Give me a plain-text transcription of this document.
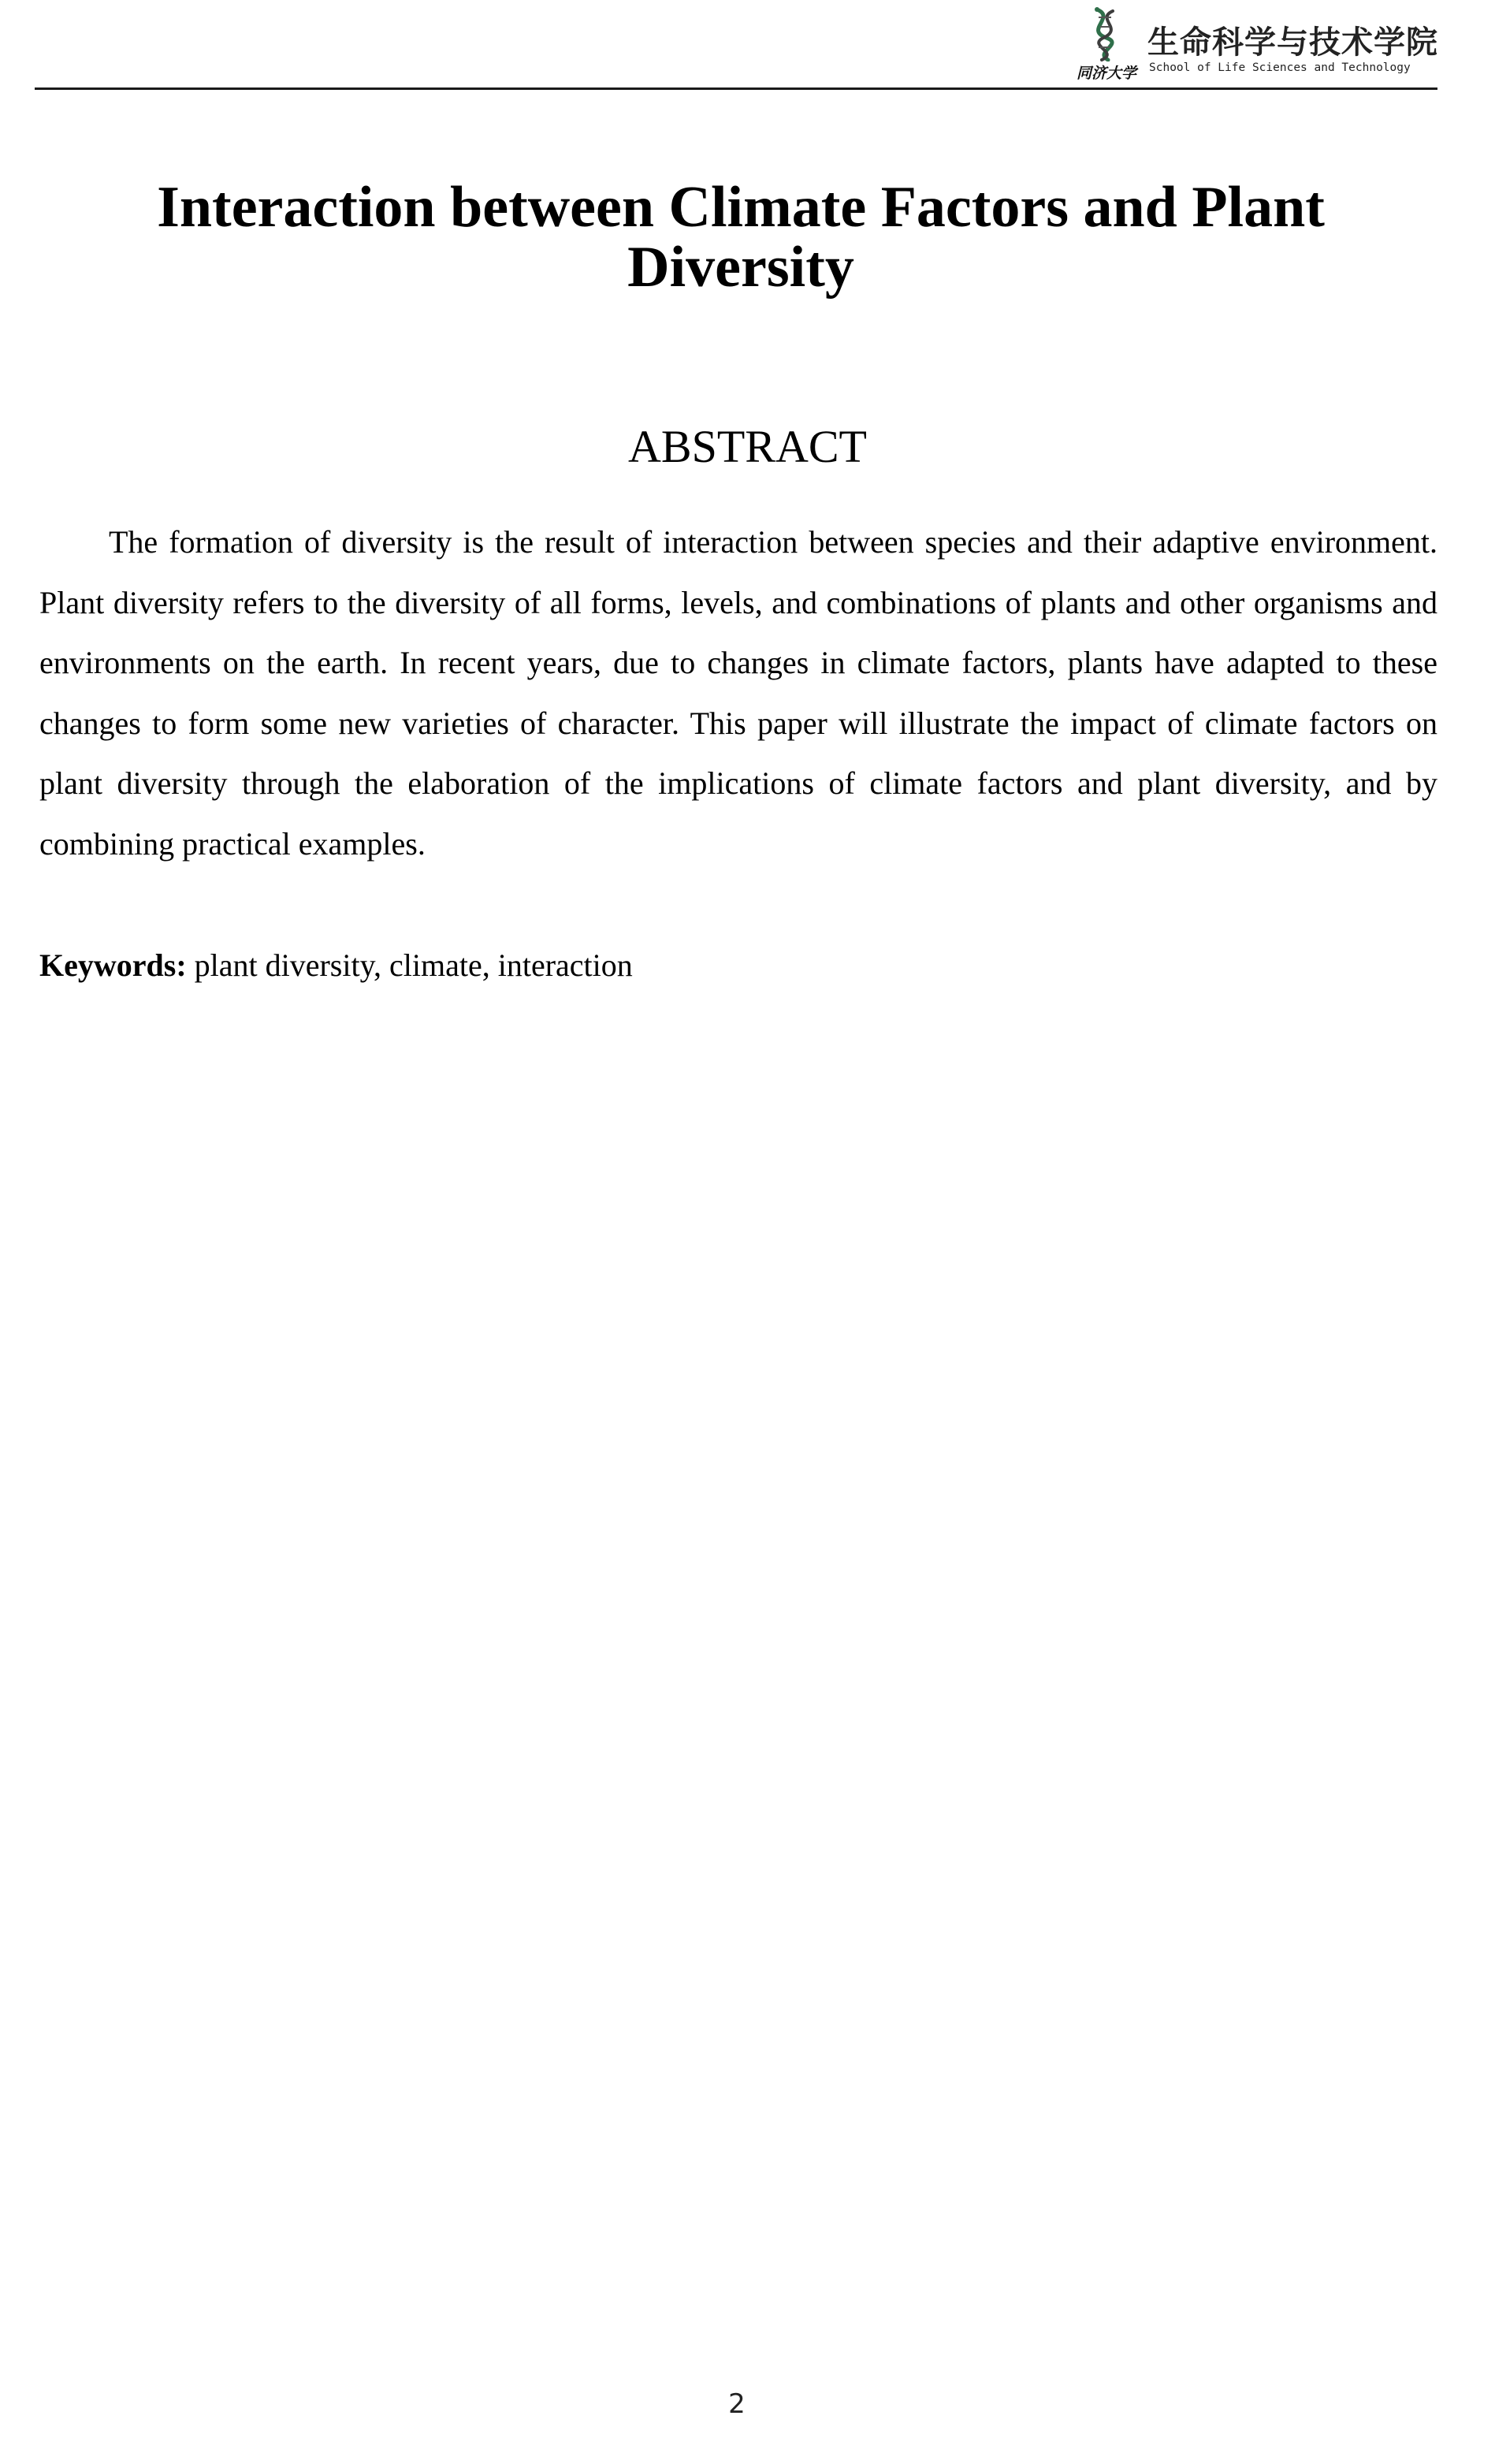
同济大学
生命科学与技术学院
School of Life Sciences and Technology
Interaction between Climate Factors and Plant Diversity
ABSTRACT

The formation of diversity is the result of interaction between species and their adaptive environment. Plant diversity refers to the diversity of all forms, levels, and combinations of plants and other organisms and environments on the earth. In recent years, due to changes in climate factors, plants have adapted to these changes to form some new varieties of character. This paper will illustrate the impact of climate factors on plant diversity through the elaboration of the implications of climate factors and plant diversity, and by combining practical examples.

Keywords: plant diversity, climate, interaction

2
